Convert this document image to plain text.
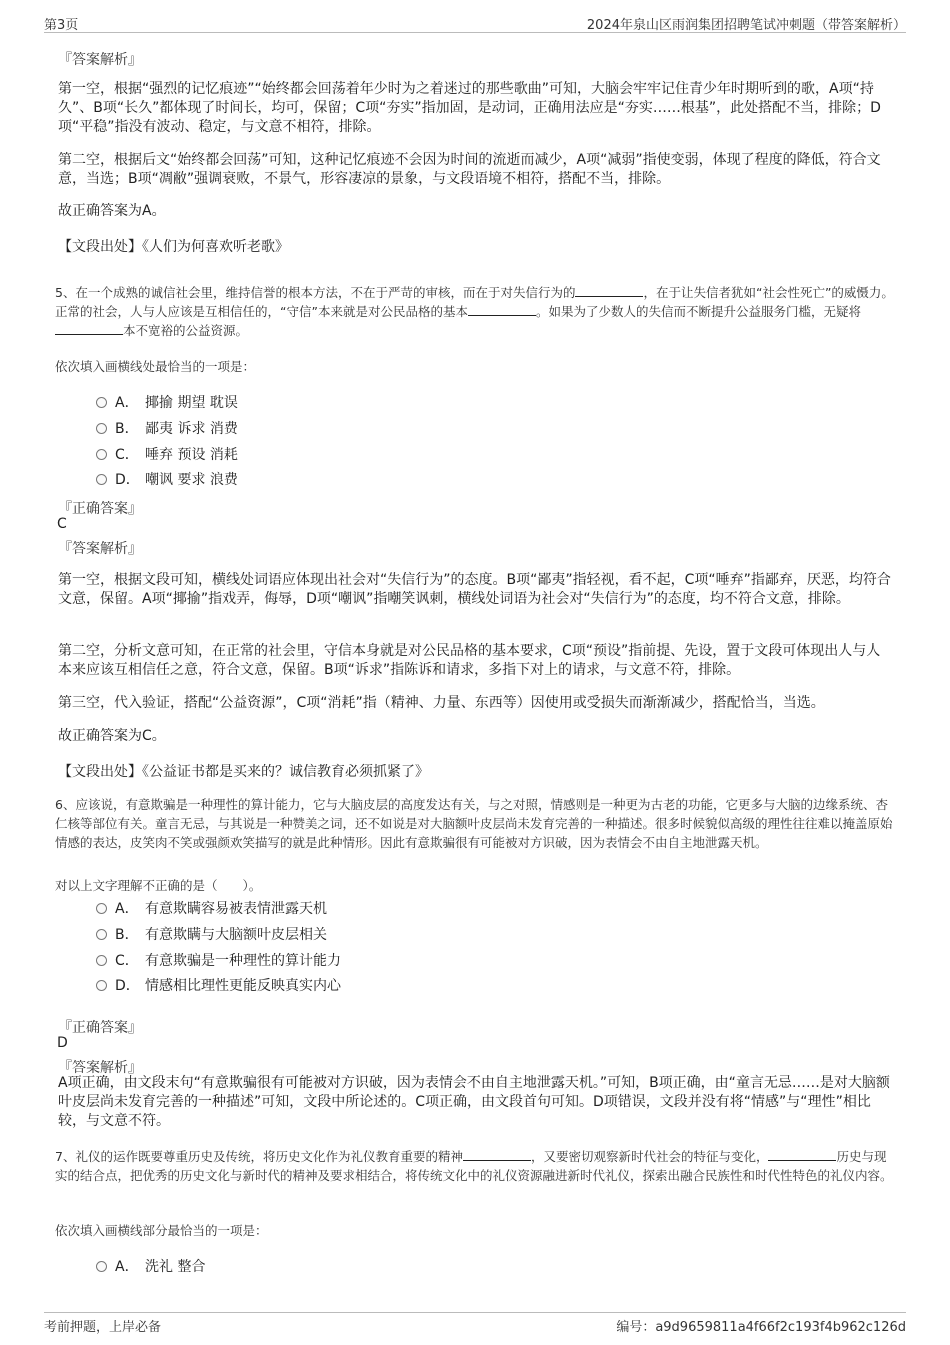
第3页	2024年泉山区雨润集团招聘笔试冲刺题（带答案解析）
『答案解析』
第一空，根据“强烈的记忆痕迹”“始终都会回荡着年少时为之着迷过的那些歌曲”可知，大脑会牢牢记住青少年时期听到的歌，A项“持久”、B项“长久”都体现了时间长，均可，保留；C项“夯实”指加固，是动词，正确用法应是“夯实……根基”，此处搭配不当，排除；D项“平稳”指没有波动、稳定，与文意不相符，排除。
第二空，根据后文“始终都会回荡”可知，这种记忆痕迹不会因为时间的流逝而减少，A项“减弱”指使变弱，体现了程度的降低，符合文意，当选；B项“凋敝”强调衰败，不景气，形容凄凉的景象，与文段语境不相符，搭配不当，排除。
故正确答案为A。
【文段出处】《人们为何喜欢听老歌》
5、在一个成熟的诚信社会里，维持信誉的根本方法，不在于严苛的审核，而在于对失信行为的	，在于让失信者犹如“社会性死亡”的威慑力。正常的社会，人与人应该是互相信任的，“守信”本来就是对公民品格的基本	。如果为了少数人的失信而不断提升公益服务门槛，无疑将本不宽裕的公益资源。
依次填入画横线处最恰当的一项是：
A． 揶揄 期望 耽误
B． 鄙夷 诉求 消费
C． 唾弃 预设 消耗
D． 嘲讽 要求 浪费
『正确答案』
C
『答案解析』
第一空，根据文段可知，横线处词语应体现出社会对“失信行为”的态度。B项“鄙夷”指轻视，看不起，C项“唾弃”指鄙弃，厌恶，均符合文意，保留。A项“揶揄”指戏弄，侮辱，D项“嘲讽”指嘲笑讽刺，横线处词语为社会对“失信行为”的态度，均不符合文意，排除。
第二空，分析文意可知，在正常的社会里，守信本身就是对公民品格的基本要求，C项“预设”指前提、先设，置于文段可体现出人与人本来应该互相信任之意，符合文意，保留。B项“诉求”指陈诉和请求，多指下对上的请求，与文意不符，排除。
第三空，代入验证，搭配“公益资源”，C项“消耗”指（精神、力量、东西等）因使用或受损失而渐渐减少，搭配恰当，当选。
故正确答案为C。
【文段出处】《公益证书都是买来的？诚信教育必须抓紧了》
6、应该说，有意欺骗是一种理性的算计能力，它与大脑皮层的高度发达有关，与之对照，情感则是一种更为古老的功能，它更多与大脑的边缘系统、杏仁核等部位有关。童言无忌，与其说是一种赞美之词，还不如说是对大脑额叶皮层尚未发育完善的一种描述。很多时候貌似高级的理性往往难以掩盖原始情感的表达，皮笑肉不笑或强颜欢笑描写的就是此种情形。因此有意欺骗很有可能被对方识破，因为表情会不由自主地泄露天机。
对以上文字理解不正确的是（　　）。
A． 有意欺瞒容易被表情泄露天机
B． 有意欺瞒与大脑额叶皮层相关
C． 有意欺骗是一种理性的算计能力
D． 情感相比理性更能反映真实内心
『正确答案』
D
『答案解析』
A项正确，由文段末句“有意欺骗很有可能被对方识破，因为表情会不由自主地泄露天机。”可知，B项正确，由“童言无忌……是对大脑额叶皮层尚未发育完善的一种描述”可知，文段中所论述的。C项正确，由文段首句可知。D项错误，文段并没有将“情感”与“理性”相比较，与文意不符。
7、礼仪的运作既要尊重历史及传统，将历史文化作为礼仪教育重要的精神	，又要密切观察新时代社会的特征与变化，	历史与现实的结合点，把优秀的历史文化与新时代的精神及要求相结合，将传统文化中的礼仪资源融进新时代礼仪，探索出融合民族性和时代性特色的礼仪内容。
依次填入画横线部分最恰当的一项是：
A． 洗礼 整合
考前押题，上岸必备	编号：a9d9659811a4f66f2c193f4b962c126d
